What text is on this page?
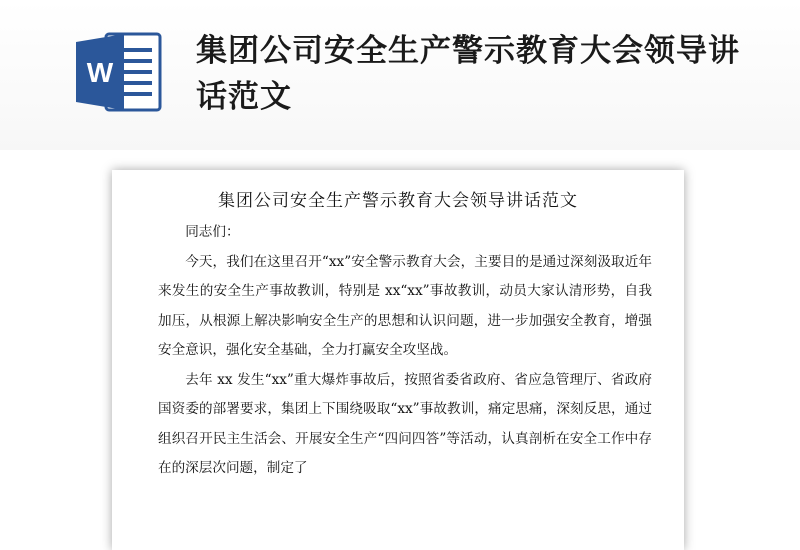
W
集团公司安全生产警示教育大会领导讲话范文
集团公司安全生产警示教育大会领导讲话范文

同志们：

今天，我们在这里召开“xx”安全警示教育大会，主要目的是通过深刻汲取近年来发生的安全生产事故教训，特别是 xx“xx”事故教训，动员大家认清形势，自我加压，从根源上解决影响安全生产的思想和认识问题，进一步加强安全教育，增强安全意识，强化安全基础，全力打赢安全攻坚战。

去年 xx 发生“xx”重大爆炸事故后，按照省委省政府、省应急管理厅、省政府国资委的部署要求，集团上下围绕吸取“xx”事故教训，痛定思痛，深刻反思，通过组织召开民主生活会、开展安全生产“四问四答”等活动，认真剖析在安全工作中存在的深层次问题，制定了
